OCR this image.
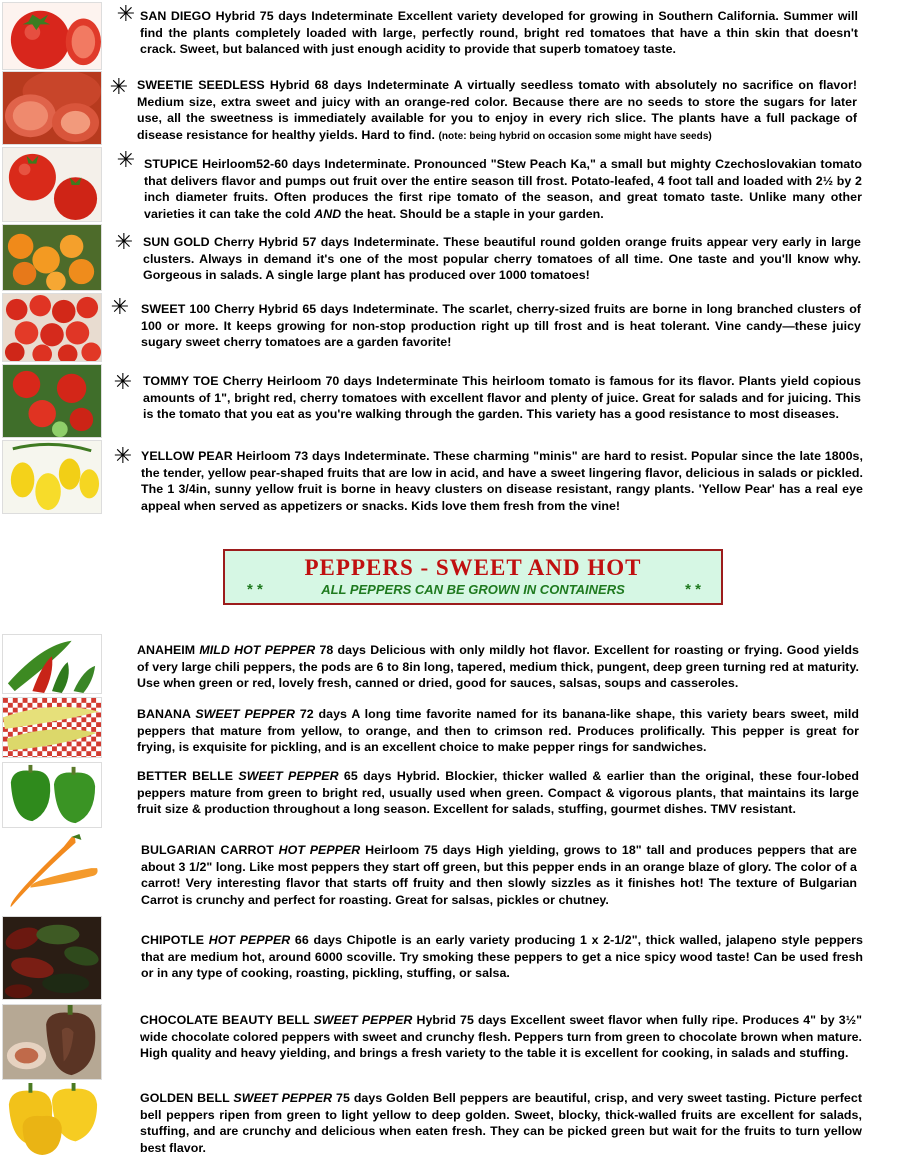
✳ SAN DIEGO Hybrid 75 days Indeterminate Excellent variety developed for growing in Southern California. Summer will find the plants completely loaded with large, perfectly round, bright red tomatoes that have a thin skin that doesn't crack. Sweet, but balanced with just enough acidity to provide that superb tomatoey taste.
✳ SWEETIE SEEDLESS Hybrid 68 days Indeterminate A virtually seedless tomato with absolutely no sacrifice on flavor! Medium size, extra sweet and juicy with an orange-red color. Because there are no seeds to store the sugars for later use, all the sweetness is immediately available for you to enjoy in every rich slice. The plants have a full package of disease resistance for healthy yields. Hard to find. (note: being hybrid on occasion some might have seeds)
✳ STUPICE Heirloom52-60 days Indeterminate. Pronounced "Stew Peach Ka," a small but mighty Czechoslovakian tomato that delivers flavor and pumps out fruit over the entire season till frost. Potato-leafed, 4 foot tall and loaded with 2½ by 2 inch diameter fruits. Often produces the first ripe tomato of the season, and great tomato taste. Unlike many other varieties it can take the cold AND the heat. Should be a staple in your garden.
✳ SUN GOLD Cherry Hybrid 57 days Indeterminate. These beautiful round golden orange fruits appear very early in large clusters. Always in demand it's one of the most popular cherry tomatoes of all time. One taste and you'll know why. Gorgeous in salads. A single large plant has produced over 1000 tomatoes!
✳ SWEET 100 Cherry Hybrid 65 days Indeterminate. The scarlet, cherry-sized fruits are borne in long branched clusters of 100 or more. It keeps growing for non-stop production right up till frost and is heat tolerant. Vine candy—these juicy sugary sweet cherry tomatoes are a garden favorite!
✳ TOMMY TOE Cherry Heirloom 70 days Indeterminate This heirloom tomato is famous for its flavor. Plants yield copious amounts of 1", bright red, cherry tomatoes with excellent flavor and plenty of juice. Great for salads and for juicing. This is the tomato that you eat as you're walking through the garden. This variety has a good resistance to most diseases.
✳ YELLOW PEAR Heirloom 73 days Indeterminate. These charming "minis" are hard to resist. Popular since the late 1800s, the tender, yellow pear-shaped fruits that are low in acid, and have a sweet lingering flavor, delicious in salads or pickled. The 1 3/4in, sunny yellow fruit is borne in heavy clusters on disease resistant, rangy plants. 'Yellow Pear' has a real eye appeal when served as appetizers or snacks. Kids love them fresh from the vine!
PEPPERS - SWEET AND HOT
* *	ALL PEPPERS CAN BE GROWN IN CONTAINERS	* *
ANAHEIM MILD HOT PEPPER 78 days Delicious with only mildly hot flavor. Excellent for roasting or frying. Good yields of very large chili peppers, the pods are 6 to 8in long, tapered, medium thick, pungent, deep green turning red at maturity. Use when green or red, lovely fresh, canned or dried, good for sauces, salsas, soups and casseroles.
BANANA SWEET PEPPER 72 days A long time favorite named for its banana-like shape, this variety bears sweet, mild peppers that mature from yellow, to orange, and then to crimson red. Produces prolifically. This pepper is great for frying, is exquisite for pickling, and is an excellent choice to make pepper rings for sandwiches.
BETTER BELLE SWEET PEPPER 65 days Hybrid. Blockier, thicker walled & earlier than the original, these four-lobed peppers mature from green to bright red, usually used when green. Compact & vigorous plants, that maintains its large fruit size & production throughout a long season. Excellent for salads, stuffing, gourmet dishes. TMV resistant.
BULGARIAN CARROT HOT PEPPER Heirloom 75 days High yielding, grows to 18" tall and produces peppers that are about 3 1/2" long. Like most peppers they start off green, but this pepper ends in an orange blaze of glory. The color of a carrot! Very interesting flavor that starts off fruity and then slowly sizzles as it finishes hot! The texture of Bulgarian Carrot is crunchy and perfect for roasting. Great for salsas, pickles or chutney.
CHIPOTLE HOT PEPPER 66 days Chipotle is an early variety producing 1 x 2-1/2", thick walled, jalapeno style peppers that are medium hot, around 6000 scoville. Try smoking these peppers to get a nice spicy wood taste! Can be used fresh or in any type of cooking, roasting, pickling, stuffing, or salsa.
CHOCOLATE BEAUTY BELL SWEET PEPPER Hybrid 75 days Excellent sweet flavor when fully ripe. Produces 4" by 3½" wide chocolate colored peppers with sweet and crunchy flesh. Peppers turn from green to chocolate brown when mature. High quality and heavy yielding, and brings a fresh variety to the table it is excellent for cooking, in salads and stuffing.
GOLDEN BELL SWEET PEPPER 75 days Golden Bell peppers are beautiful, crisp, and very sweet tasting. Picture perfect bell peppers ripen from green to light yellow to deep golden. Sweet, blocky, thick-walled fruits are excellent for salads, stuffing, and are crunchy and delicious when eaten fresh. They can be picked green but wait for the fruits to turn yellow best flavor.
